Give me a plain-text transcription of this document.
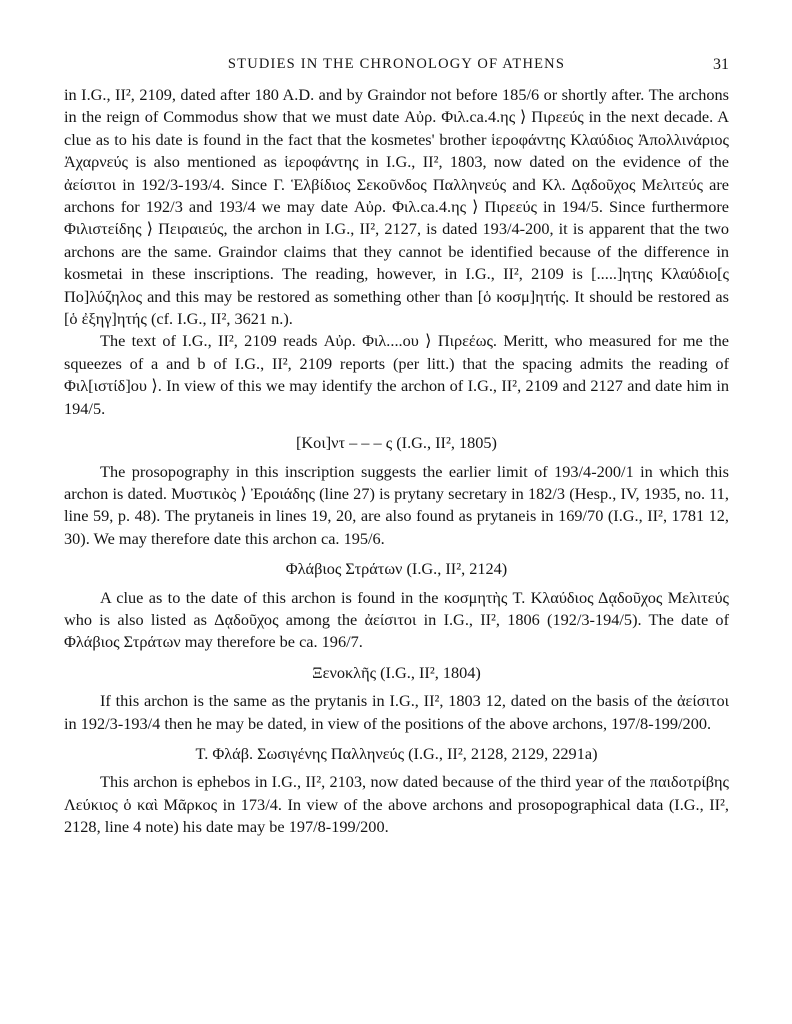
STUDIES IN THE CHRONOLOGY OF ATHENS	31

in I.G., II², 2109, dated after 180 A.D. and by Graindor not before 185/6 or shortly after. The archons in the reign of Commodus show that we must date Αὐρ. Φιλ.ca.4.ης ⟩ Πιρεεύς in the next decade. A clue as to his date is found in the fact that the kosmetes' brother ἱεροφάντης Κλαύδιος Ἀπολλινάριος Ἀχαρνεύς is also mentioned as ἱεροφάντης in I.G., II², 1803, now dated on the evidence of the ἀείσιτοι in 192/3-193/4. Since Γ. Ἑλβίδιος Σεκοῦνδος Παλληνεύς and Κλ. Δᾳδοῦχος Μελιτεύς are archons for 192/3 and 193/4 we may date Αὐρ. Φιλ.ca.4.ης ⟩ Πιρεεύς in 194/5. Since furthermore Φιλιστείδης ⟩ Πειραιεύς, the archon in I.G., II², 2127, is dated 193/4-200, it is apparent that the two archons are the same. Graindor claims that they cannot be identified because of the difference in kosmetai in these inscriptions. The reading, however, in I.G., II², 2109 is [.....]ητης Κλαύδιο[ς Πο]λύζηλος and this may be restored as something other than [ὁ κοσμ]ητής. It should be restored as [ὁ ἐξηγ]ητής (cf. I.G., II², 3621 n.).

The text of I.G., II², 2109 reads Αὐρ. Φιλ....ου ⟩ Πιρεέως. Meritt, who measured for me the squeezes of a and b of I.G., II², 2109 reports (per litt.) that the spacing admits the reading of Φιλ[ιστίδ]ου ⟩. In view of this we may identify the archon of I.G., II², 2109 and 2127 and date him in 194/5.

[Κοι]ντ – – – ς (I.G., II², 1805)

The prosopography in this inscription suggests the earlier limit of 193/4-200/1 in which this archon is dated. Μυστικὸς ⟩ Ἐροιάδης (line 27) is prytany secretary in 182/3 (Hesp., IV, 1935, no. 11, line 59, p. 48). The prytaneis in lines 19, 20, are also found as prytaneis in 169/70 (I.G., II², 1781 12, 30). We may therefore date this archon ca. 195/6.

Φλάβιος Στράτων (I.G., II², 2124)

A clue as to the date of this archon is found in the κοσμητὴς Τ. Κλαύδιος Δᾳδοῦχος Μελιτεύς who is also listed as Δᾳδοῦχος among the ἀείσιτοι in I.G., II², 1806 (192/3-194/5). The date of Φλάβιος Στράτων may therefore be ca. 196/7.

Ξενοκλῆς (I.G., II², 1804)

If this archon is the same as the prytanis in I.G., II², 1803 12, dated on the basis of the ἀείσιτοι in 192/3-193/4 then he may be dated, in view of the positions of the above archons, 197/8-199/200.

Τ. Φλάβ. Σωσιγένης Παλληνεύς (I.G., II², 2128, 2129, 2291a)

This archon is ephebos in I.G., II², 2103, now dated because of the third year of the παιδοτρίβης Λεύκιος ὁ καὶ Μᾶρκος in 173/4. In view of the above archons and prosopographical data (I.G., II², 2128, line 4 note) his date may be 197/8-199/200.
